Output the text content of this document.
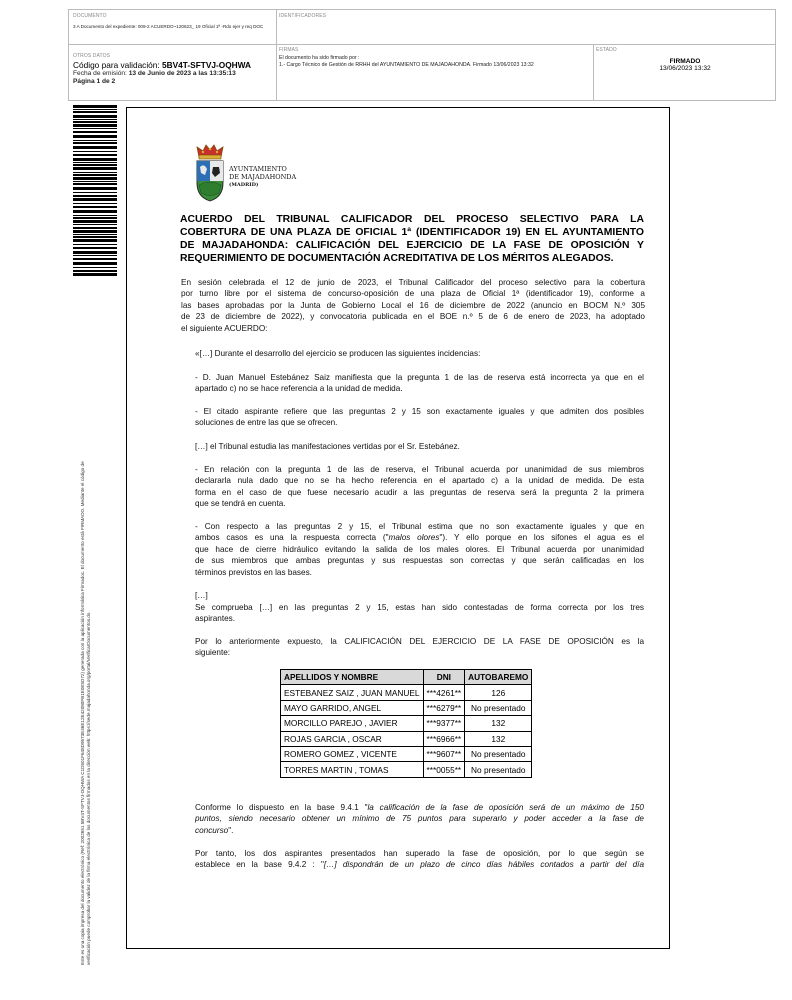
DOCUMENTO
3 A Documento del expediente: 009-2 ACUERDO~120623_ 19 Oficial 1ª -Rdo ejer y req DOC
IDENTIFICADORES
OTROS DATOS
Código para validación: 5BV4T-SFTVJ-OQHWA
Fecha de emisión: 13 de Junio de 2023 a las 13:35:13
Página 1 de 2
FIRMAS
El documento ha sido firmado por :
1.- Cargo Técnico de Gestión de RRHH del AYUNTAMIENTO DE MAJADAHONDA. Firmado 13/06/2023 13:32
ESTADO
FIRMADO
13/06/2023 13:32
Este es una copia impresa del documento electrónico (Ref: 2002651 5BV4T-SFTVJ-OQHWA C1D501F648D9573E46E12E42080FB1E0E5D72) generada con la aplicación informática Firmadoc. El documento está FIRMADO. Mediante el código de verificación puede comprobar la validez de la firma electrónica de los documentos firmados en la dirección web: https://sede.majadahonda.org/portal/VerificarDocumentos.do
AYUNTAMIENTO
DE MAJADAHONDA
(MADRID)
ACUERDO DEL TRIBUNAL CALIFICADOR DEL PROCESO SELECTIVO PARA LA
COBERTURA DE UNA PLAZA DE OFICIAL 1ª (IDENTIFICADOR 19) EN EL AYUNTAMIENTO
DE MAJADAHONDA: CALIFICACIÓN DEL EJERCICIO DE LA FASE DE OPOSICIÓN Y
REQUERIMIENTO DE DOCUMENTACIÓN ACREDITATIVA DE LOS MÉRITOS ALEGADOS.
En sesión celebrada el 12 de junio de 2023, el Tribunal Calificador del proceso selectivo para la cobertura
por turno libre por el sistema de concurso-oposición de una plaza de Oficial 1ª (identificador 19), conforme a
las bases aprobadas por la Junta de Gobierno Local el 16 de diciembre de 2022 (anuncio en BOCM N.º 305
de 23 de diciembre de 2022), y convocatoria publicada en el BOE n.º 5 de 6 de enero de 2023, ha adoptado
el siguiente ACUERDO:
«[…] Durante el desarrollo del ejercicio se producen las siguientes incidencias:
- D. Juan Manuel Estebánez Saiz manifiesta que la pregunta 1 de las de reserva está incorrecta ya que en el
apartado c) no se hace referencia a la unidad de medida.
- El citado aspirante refiere que las preguntas 2 y 15 son exactamente iguales y que admiten dos posibles
soluciones de entre las que se ofrecen.
[…] el Tribunal estudia las manifestaciones vertidas por el Sr. Estebánez.
- En relación con la pregunta 1 de las de reserva, el Tribunal acuerda por unanimidad de sus miembros
declararla nula dado que no se ha hecho referencia en el apartado c) a la unidad de medida. De esta
forma en el caso de que fuese necesario acudir a las preguntas de reserva será la pregunta 2 la primera
que se tendrá en cuenta.
- Con respecto a las preguntas 2 y 15, el Tribunal estima que no son exactamente iguales y que en
ambos casos es una la respuesta correcta ("malos olores"). Y ello porque en los sifones el agua es el
que hace de cierre hidráulico evitando la salida de los males olores. El Tribunal acuerda por unanimidad
de sus miembros que ambas preguntas y sus respuestas son correctas y que serán calificadas en los
términos previstos en las bases.
[…]
Se comprueba […] en las preguntas 2 y 15, estas han sido contestadas de forma correcta por los tres
aspirantes.
Por lo anteriormente expuesto, la CALIFICACIÓN DEL EJERCICIO DE LA FASE DE OPOSICIÓN es la
siguiente:
APELLIDOS Y NOMBRE	DNI	AUTOBAREMO
ESTEBANEZ SAIZ , JUAN MANUEL	***4261**	126
MAYO GARRIDO, ANGEL	***6279**	No presentado
MORCILLO PAREJO , JAVIER	***9377**	132
ROJAS GARCIA , OSCAR	***6966**	132
ROMERO GOMEZ , VICENTE	***9607**	No presentado
TORRES MARTIN , TOMAS	***0055**	No presentado
Conforme lo dispuesto en la base 9.4.1 "la calificación de la fase de oposición será de un máximo de 150
puntos, siendo necesario obtener un mínimo de 75 puntos para superarlo y poder acceder a la fase de
concurso".
Por tanto, los dos aspirantes presentados han superado la fase de oposición, por lo que según se
establece en la base 9.4.2 : "[…] dispondrán de un plazo de cinco días hábiles contados a partir del día
